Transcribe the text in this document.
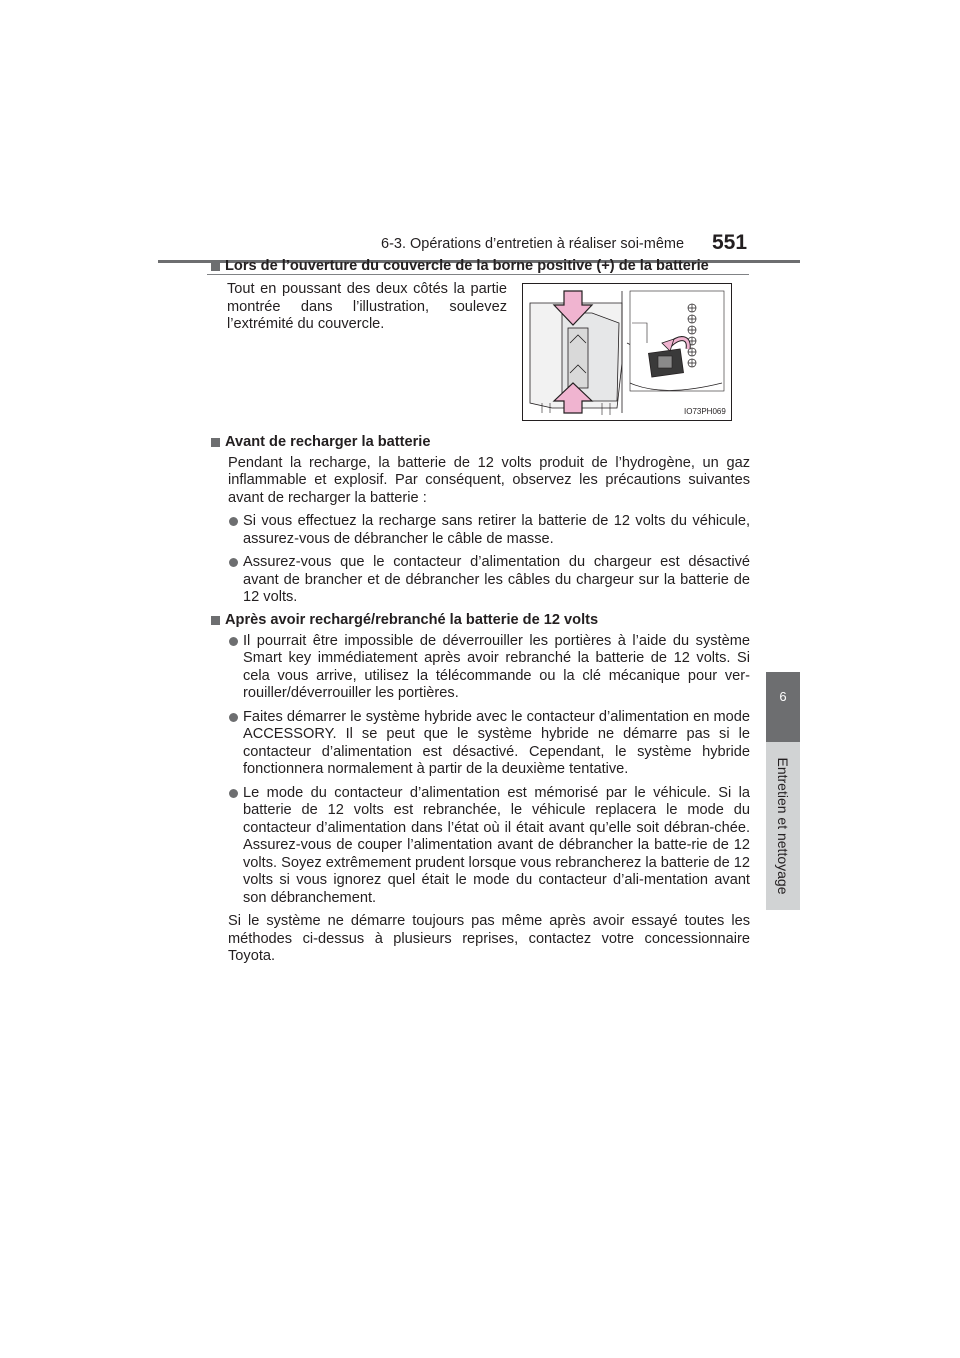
6-3. Opérations d’entretien à réaliser soi-même 551
6
Entretien et nettoyage
Lors de l’ouverture du couvercle de la borne positive (+) de la batterie
Tout en poussant des deux côtés la partie montrée dans l’illustration, soulevez l’extrémité du couvercle.
IO73PH069
Avant de recharger la batterie
Pendant la recharge, la batterie de 12 volts produit de l’hydrogène, un gaz inflammable et explosif. Par conséquent, observez les précautions suivantes avant de recharger la batterie :
Si vous effectuez la recharge sans retirer la batterie de 12 volts du véhicule, assurez-vous de débrancher le câble de masse.
Assurez-vous que le contacteur d’alimentation du chargeur est désactivé avant de brancher et de débrancher les câbles du chargeur sur la batterie de 12 volts.
Après avoir rechargé/rebranché la batterie de 12 volts
Il pourrait être impossible de déverrouiller les portières à l’aide du système Smart key immédiatement après avoir rebranché la batterie de 12 volts. Si cela vous arrive, utilisez la télécommande ou la clé mécanique pour ver-rouiller/déverrouiller les portières.
Faites démarrer le système hybride avec le contacteur d’alimentation en mode ACCESSORY. Il se peut que le système hybride ne démarre pas si le contacteur d’alimentation est désactivé. Cependant, le système hybride fonctionnera normalement à partir de la deuxième tentative.
Le mode du contacteur d’alimentation est mémorisé par le véhicule. Si la batterie de 12 volts est rebranchée, le véhicule replacera le mode du contacteur d’alimentation dans l’état où il était avant qu’elle soit débran-chée. Assurez-vous de couper l’alimentation avant de débrancher la batte-rie de 12 volts. Soyez extrêmement prudent lorsque vous rebrancherez la batterie de 12 volts si vous ignorez quel était le mode du contacteur d’ali-mentation avant son débranchement.
Si le système ne démarre toujours pas même après avoir essayé toutes les méthodes ci-dessus à plusieurs reprises, contactez votre concessionnaire Toyota.
